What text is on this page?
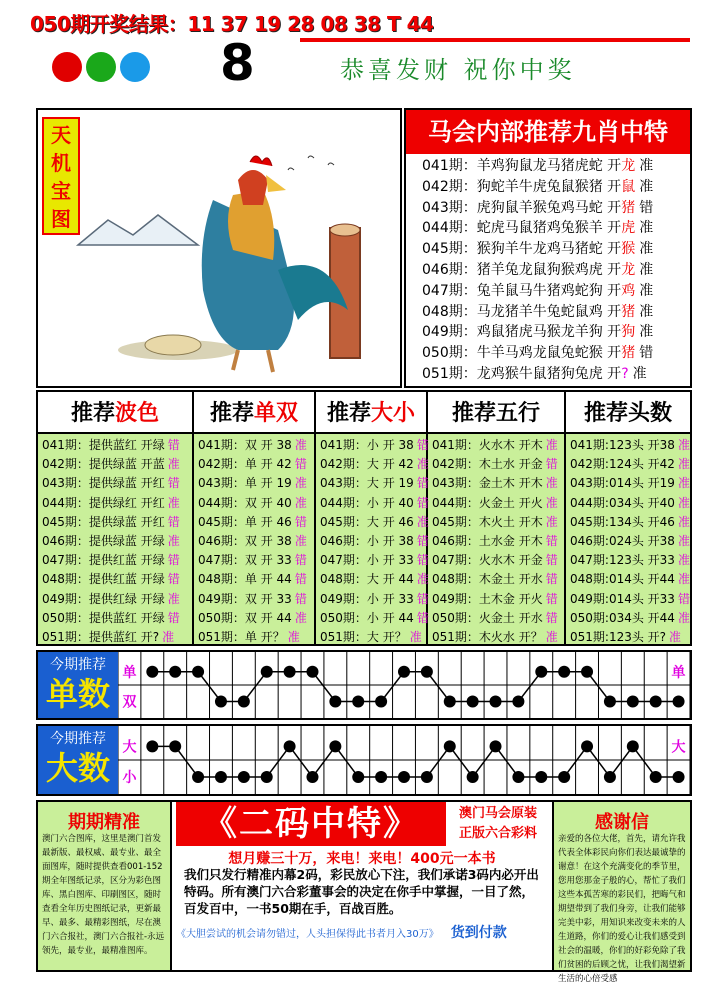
050期开奖结果：11 37 19 28 08 38 T 44
8	恭喜发财 祝你中奖
天机宝图
马会内部推荐九肖中特
041期：羊鸡狗鼠龙马猪虎蛇 开龙 准
042期：狗蛇羊牛虎兔鼠猴猪 开鼠 准
043期：虎狗鼠羊猴兔鸡马蛇 开猪 错
044期：蛇虎马鼠猪鸡兔猴羊 开虎 准
045期：猴狗羊牛龙鸡马猪蛇 开猴 准
046期：猪羊兔龙鼠狗猴鸡虎 开龙 准
047期：兔羊鼠马牛猪鸡蛇狗 开鸡 准
048期：马龙猪羊牛兔蛇鼠鸡 开猪 准
049期：鸡鼠猪虎马猴龙羊狗 开狗 准
050期：牛羊马鸡龙鼠兔蛇猴 开猪 错
051期：龙鸡猴牛鼠猪狗兔虎 开? 准
推荐波色
041期：提供蓝红 开绿 错
042期：提供绿蓝 开蓝 准
043期：提供绿蓝 开红 错
044期：提供绿红 开红 准
045期：提供绿蓝 开红 错
046期：提供绿蓝 开绿 准
047期：提供红蓝 开绿 错
048期：提供红蓝 开绿 错
049期：提供红绿 开绿 准
050期：提供蓝红 开绿 错
051期：提供蓝红 开? 准
推荐单双
041期：双 开 38 准
042期：单 开 42 错
043期：单 开 19 准
044期：双 开 40 准
045期：单 开 46 错
046期：双 开 38 准
047期：双 开 33 错
048期：单 开 44 错
049期：双 开 33 错
050期：双 开 44 准
051期：单 开？ 准
推荐大小
041期：小 开 38 错
042期：大 开 42 准
043期：大 开 19 错
044期：小 开 40 错
045期：大 开 46 准
046期：小 开 38 错
047期：小 开 33 错
048期：大 开 44 准
049期：小 开 33 错
050期：小 开 44 错
051期：大 开？ 准
推荐五行
041期：火水木 开木 准
042期：木土水 开金 错
043期：金土木 开木 准
044期：火金土 开火 准
045期：木火土 开木 准
046期：土水金 开木 错
047期：火水木 开金 错
048期：木金土 开水 错
049期：土木金 开火 错
050期：火金土 开水 错
051期：木火水 开？ 准
推荐头数
041期:123头 开38 准
042期:124头 开42 准
043期:014头 开19 准
044期:034头 开40 准
045期:134头 开46 准
046期:024头 开38 准
047期:123头 开33 准
048期:014头 开44 准
049期:014头 开33 错
050期:034头 开44 准
051期:123头 开? 准
今期推荐
单数
单
双
单
今期推荐
大数
大
小
大
期期精准
澳门六合图库，这里是澳门首发最新版、最权威、最专业、最全面图库，随时提供查看001-152期全年图纸记录，区分为彩色图库、黑白图库、印刷图区，随时查看全年历史图纸记录，更新最早、最多、最精彩图纸，尽在澳门六合报社，澳门六合报社-永远领先，最专业，最精准图库。
《二码中特》	澳门马会原装
正版六合彩料
想月赚三十万，来电！来电！400元一本书
我们只发行精准内幕2码，彩民放心下注，我们承诺3码内必开出特码。所有澳门六合彩董事会的决定在你手中掌握，一目了然，百发百中，一书50期在手，百战百胜。
《大胆尝试的机会请勿错过，人头担保得此书者月入30万》 货到付款
感谢信
亲爱的各位大佬，首先，请允许我代表全体彩民向你们表达最诚挚的谢意！在这个充满变化的季节里，您用您那金子般的心，帮忙了我们这些本孤苦寒的彩民们，把晦气和期望带到了我们身旁，让我们能够完美中彩，用知识来改变未来的人生道路，你们的爱心让我们感受到社会的温暖，你们的好彩免除了我们贫困的后顾之忧，让我们渴望新生活的心倍受感
